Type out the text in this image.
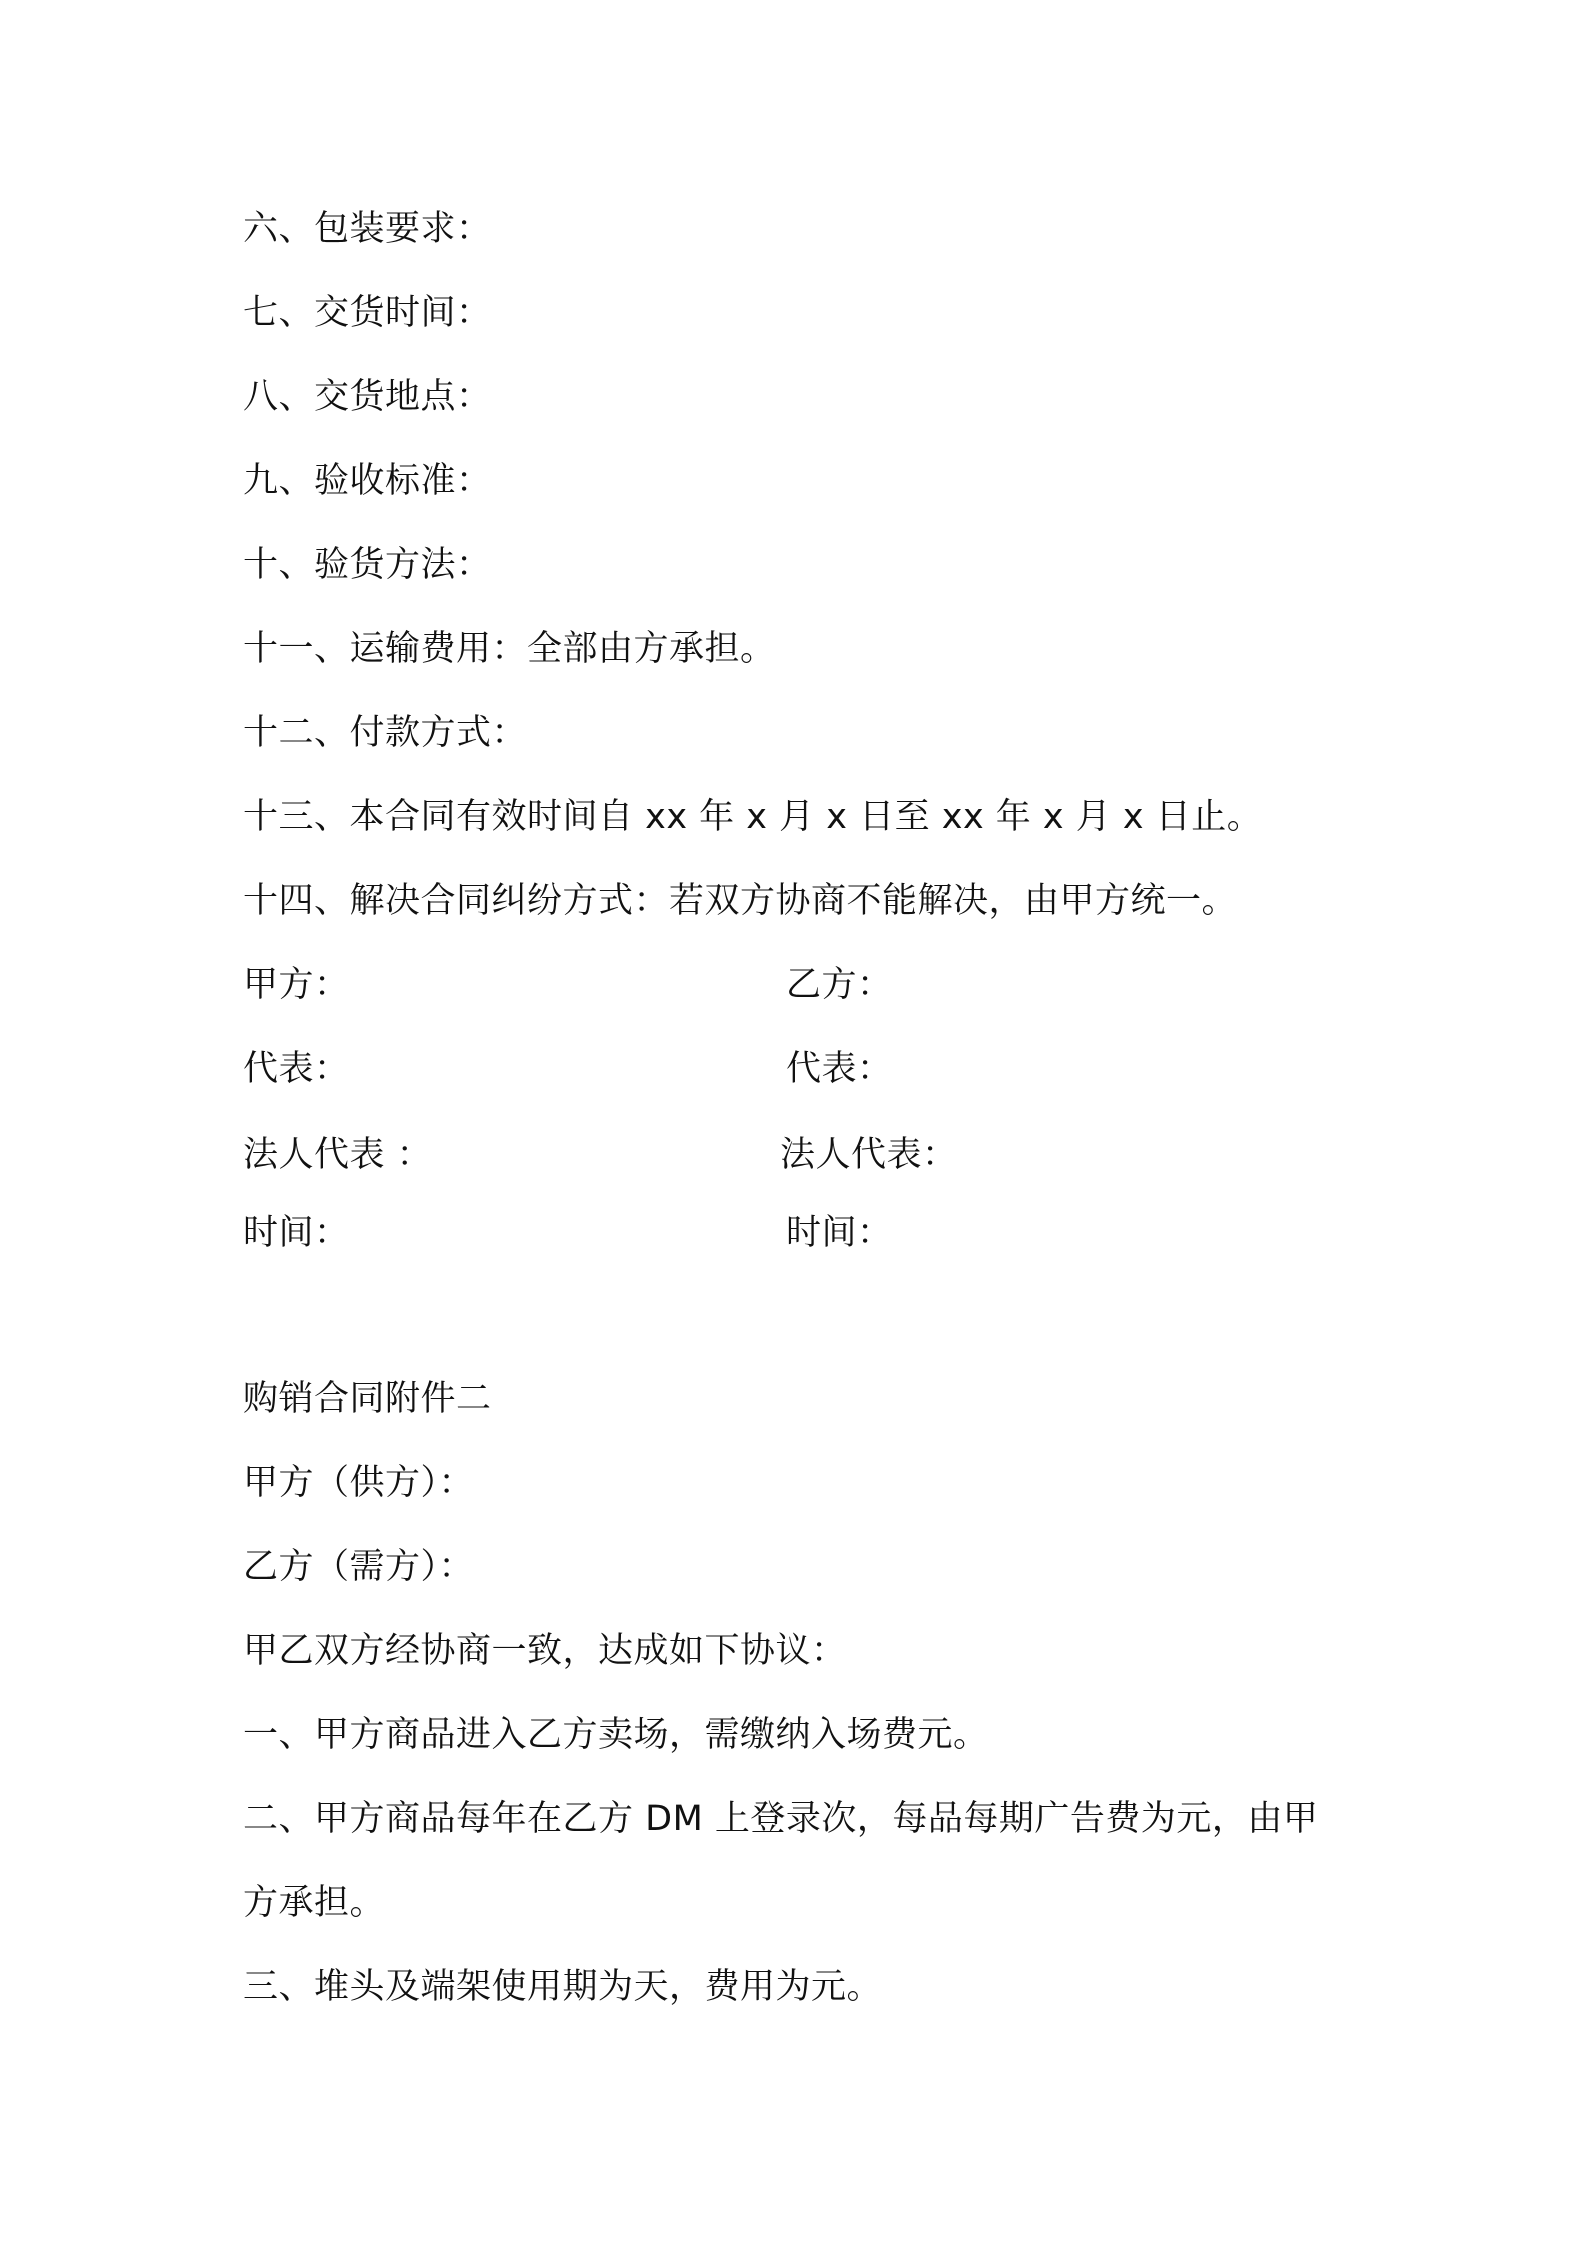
六、包装要求：
七、交货时间：
八、交货地点：
九、验收标准：
十、验货方法：
十一、运输费用：全部由方承担。
十二、付款方式：
十三、本合同有效时间自 xx 年 x 月 x 日至 xx 年 x 月 x 日止。
十四、解决合同纠纷方式：若双方协商不能解决，由甲方统一。
甲方：	乙方：
代表：	代表：
法人代表 ：	法人代表：
时间：	时间：
购销合同附件二
甲方（供方）：
乙方（需方）：
甲乙双方经协商一致，达成如下协议：
一、甲方商品进入乙方卖场，需缴纳入场费元。
二、甲方商品每年在乙方 DM 上登录次，每品每期广告费为元，由甲
方承担。
三、堆头及端架使用期为天，费用为元。
